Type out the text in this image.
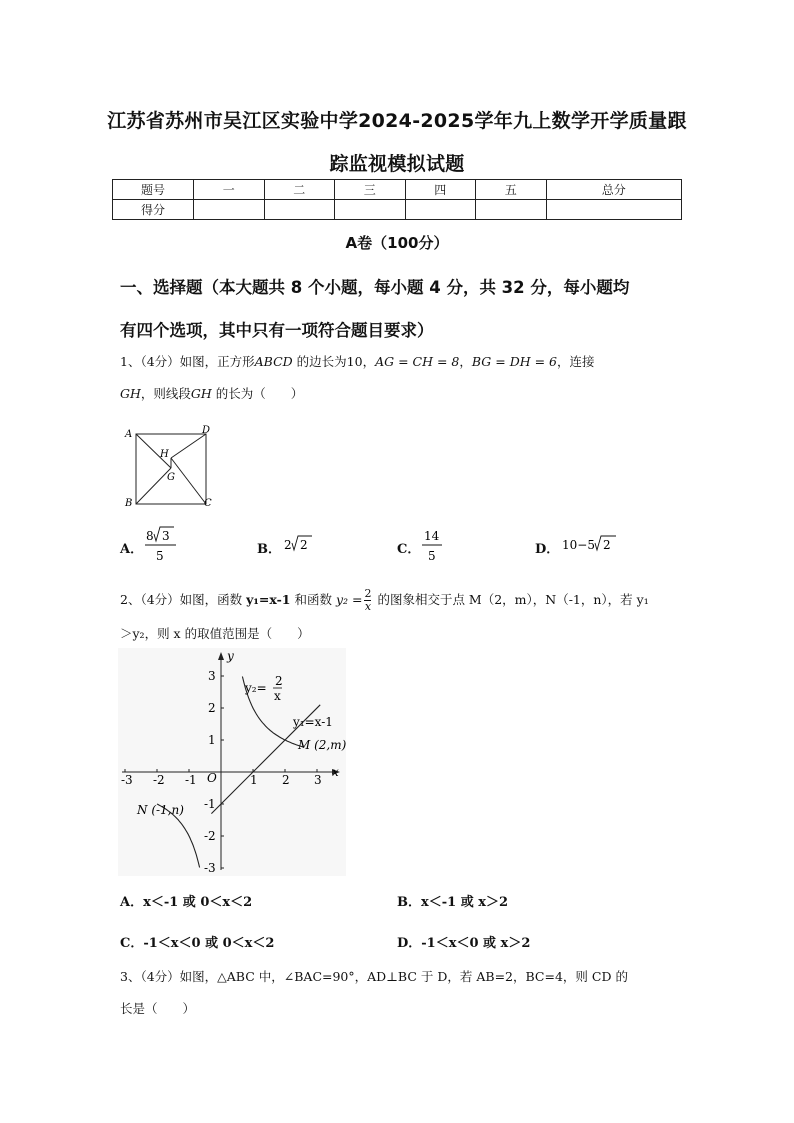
江苏省苏州市吴江区实验中学2024-2025学年九上数学开学质量跟
踪监视模拟试题
题号	一	二	三	四	五	总分
得分						
A卷（100分）
一、选择题（本大题共 8 个小题，每小题 4 分，共 32 分，每小题均
有四个选项，其中只有一项符合题目要求）
1、（4分）如图，正方形ABCD 的边长为10，AG = CH = 8，BG = DH = 6，连接
GH，则线段GH 的长为（　　）
A
B	C
D
H
G
A．
8 3
5	B． 2 2	C．
14
5	D． 10−5 2
2、（4分）如图，函数 y₁=x-1 和函数 $y_2 = \frac{2}{x}$ 的图象相交于点 M（2，m），N（-1，n），若 y₁
＞y₂，则 x 的取值范围是（　　）
x
y
O
-3 -2 -1	1 2 3
3
2
1
-1
-2
-3
y₂= 2
x
y₁=x-1
M (2,m)
N (-1,n)
A．x＜-1 或 0＜x＜2	B．x＜-1 或 x＞2
C．-1＜x＜0 或 0＜x＜2	D．-1＜x＜0 或 x＞2
3、（4分）如图，△ABC 中，∠BAC=90°，AD⊥BC 于 D，若 AB=2，BC=4，则 CD 的
长是（　　）
